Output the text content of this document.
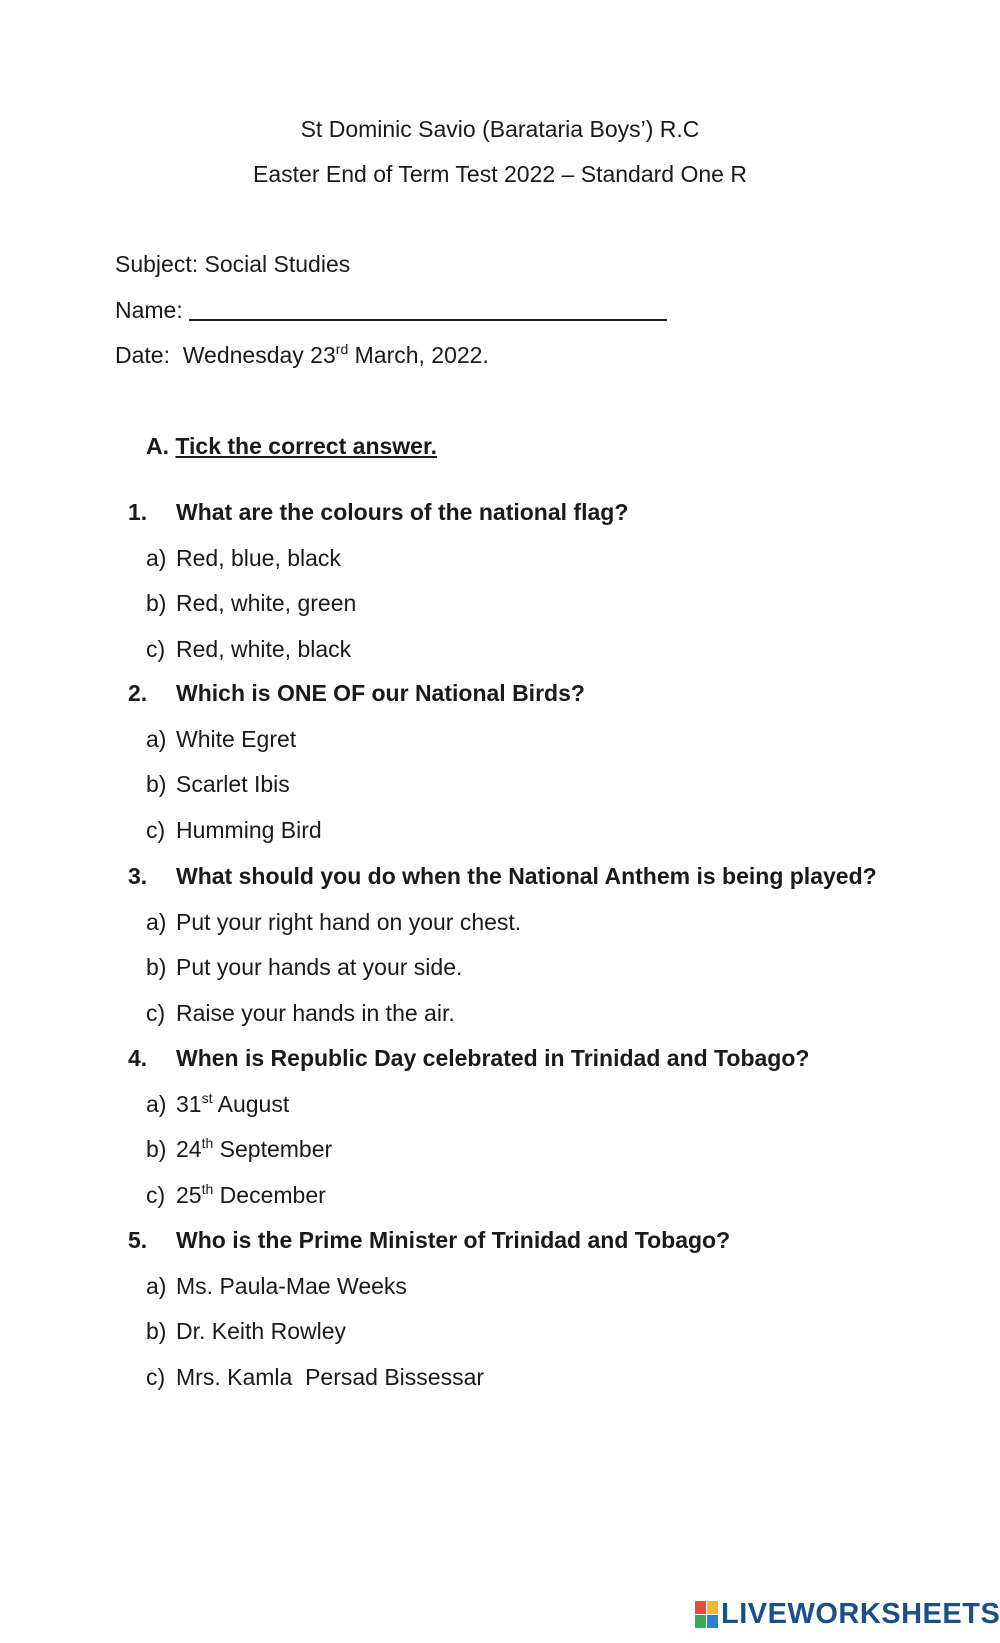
St Dominic Savio (Barataria Boys’) R.C
Easter End of Term Test 2022 – Standard One R
Subject: Social Studies
Name:
Date:  Wednesday 23rd March, 2022.
A. Tick the correct answer.
1. What are the colours of the national flag?
a) Red, blue, black
b) Red, white, green
c) Red, white, black
2. Which is ONE OF our National Birds?
a) White Egret
b) Scarlet Ibis
c) Humming Bird
3. What should you do when the National Anthem is being played?
a) Put your right hand on your chest.
b) Put your hands at your side.
c) Raise your hands in the air.
4. When is Republic Day celebrated in Trinidad and Tobago?
a) 31st August
b) 24th September
c) 25th December
5. Who is the Prime Minister of Trinidad and Tobago?
a) Ms. Paula-Mae Weeks
b) Dr. Keith Rowley
c) Mrs. Kamla  Persad Bissessar
LIVEWORKSHEETS
